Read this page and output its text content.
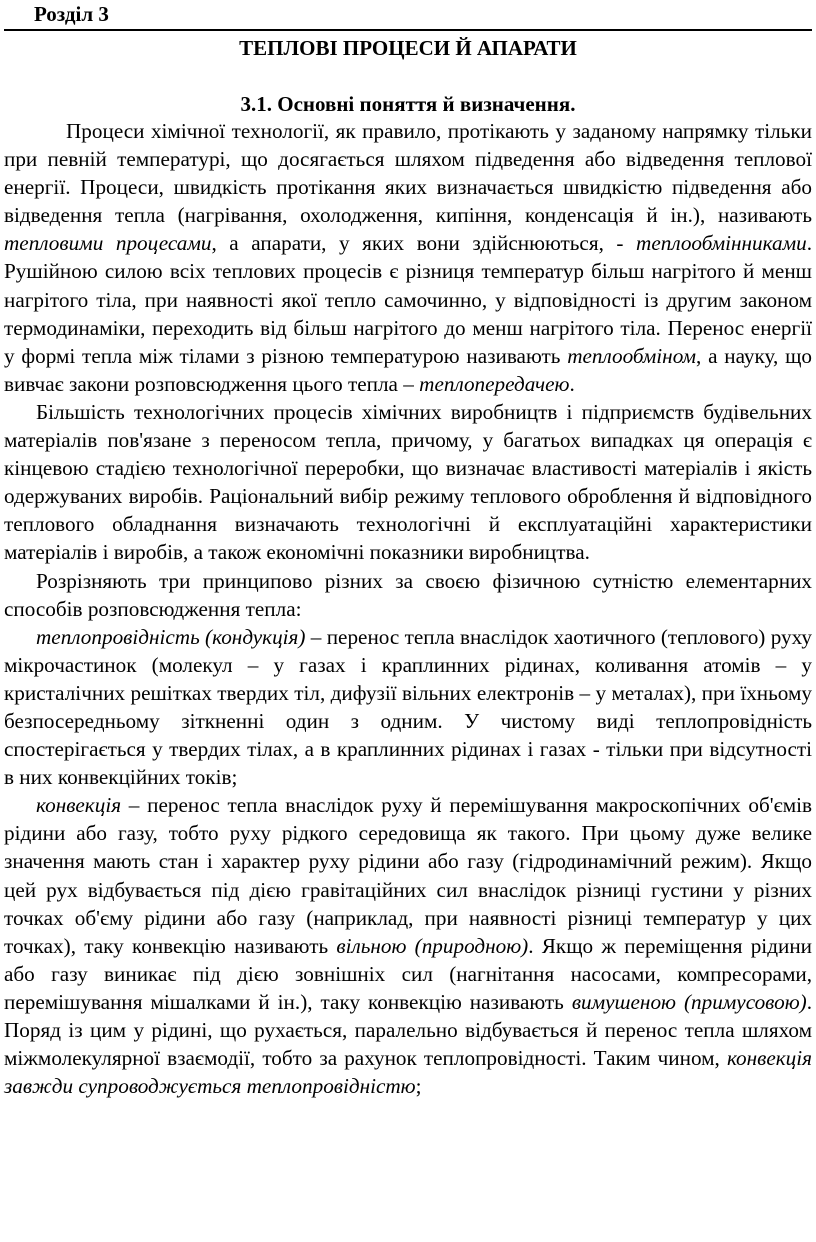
Розділ 3
ТЕПЛОВІ ПРОЦЕСИ Й АПАРАТИ
3.1. Основні поняття й визначення.

Процеси хімічної технології, як правило, протікають у заданому напрямку тільки при певній температурі, що досягається шляхом підведення або відведення теплової енергії. Процеси, швидкість протікання яких визначається швидкістю підведення або відведення тепла (нагрівання, охолодження, кипіння, конденсація й ін.), називають тепловими процесами, а апарати, у яких вони здійснюються, - теплообмінниками. Рушійною силою всіх теплових процесів є різниця температур більш нагрітого й менш нагрітого тіла, при наявності якої тепло самочинно, у відповідності із другим законом термодинаміки, переходить від більш нагрітого до менш нагрітого тіла. Перенос енергії у формі тепла між тілами з різною температурою називають теплообміном, а науку, що вивчає закони розповсюдження цього тепла – теплопередачею.

Більшість технологічних процесів хімічних виробництв і підприємств будівельних матеріалів пов'язане з переносом тепла, причому, у багатьох випадках ця операція є кінцевою стадією технологічної переробки, що визначає властивості матеріалів і якість одержуваних виробів. Раціональний вибір режиму теплового оброблення й відповідного теплового обладнання визначають технологічні й експлуатаційні характеристики матеріалів і виробів, а також економічні показники виробництва.

Розрізняють три принципово різних за своєю фізичною сутністю елементарних способів розповсюдження тепла:

теплопровідність (кондукція) – перенос тепла внаслідок хаотичного (теплового) руху мікрочастинок (молекул – у газах і краплинних рідинах, коливання атомів – у кристалічних решітках твердих тіл, дифузії вільних електронів – у металах), при їхньому безпосередньому зіткненні один з одним. У чистому виді теплопровідність спостерігається у твердих тілах, а в краплинних рідинах і газах - тільки при відсутності в них конвекційних токів;

конвекція – перенос тепла внаслідок руху й перемішування макроскопічних об'ємів рідини або газу, тобто руху рідкого середовища як такого. При цьому дуже велике значення мають стан і характер руху рідини або газу (гідродинамічний режим). Якщо цей рух відбувається під дією гравітаційних сил внаслідок різниці густини у різних точках об'єму рідини або газу (наприклад, при наявності різниці температур у цих точках), таку конвекцію називають вільною (природною). Якщо ж переміщення рідини або газу виникає під дією зовнішніх сил (нагнітання насосами, компресорами, перемішування мішалками й ін.), таку конвекцію називають вимушеною (примусовою). Поряд із цим у рідині, що рухається, паралельно відбувається й перенос тепла шляхом міжмолекулярної взаємодії, тобто за рахунок теплопровідності. Таким чином, конвекція завжди супроводжується теплопровідністю;
